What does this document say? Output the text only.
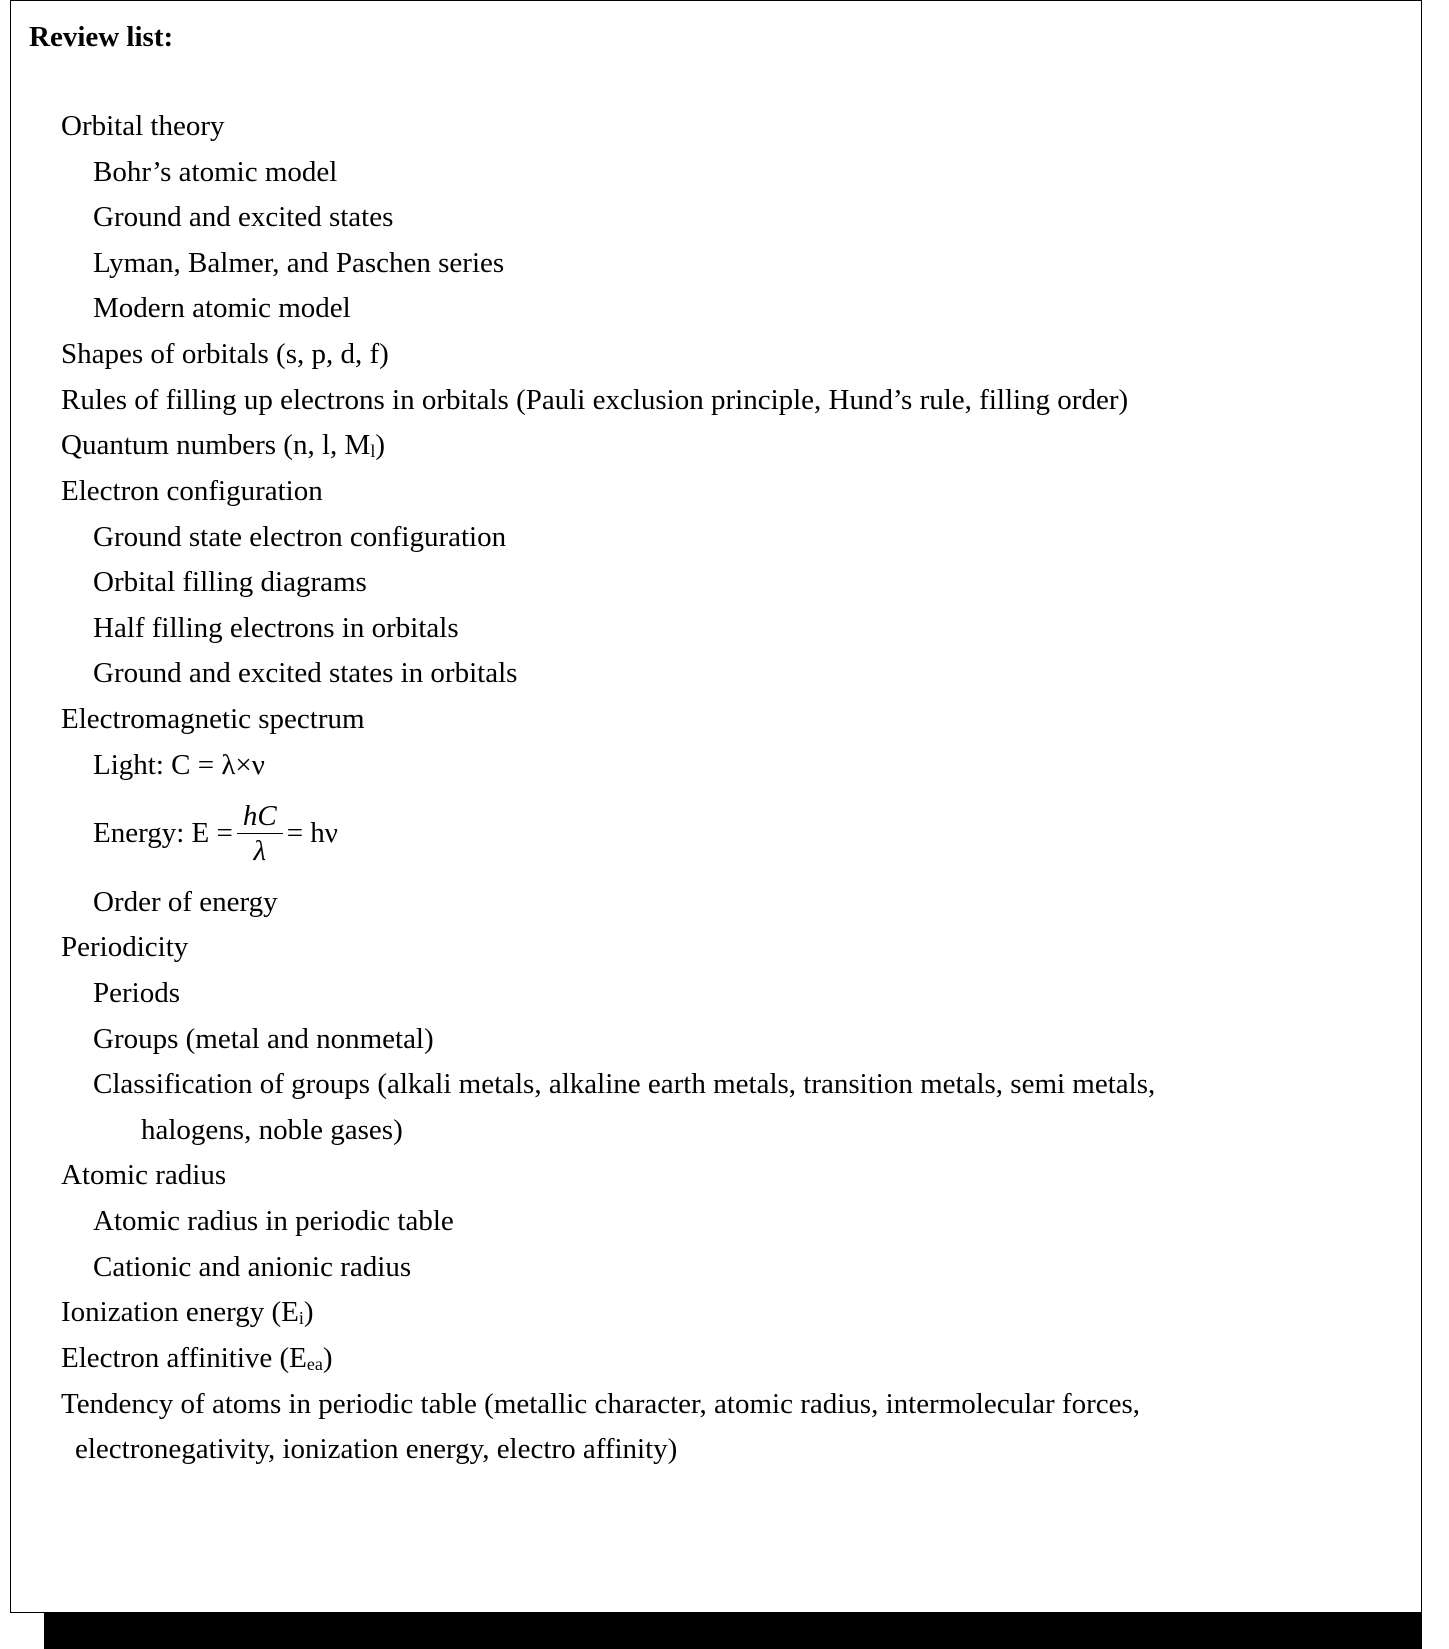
Review list:
Orbital theory
Bohr’s atomic model
Ground and excited states
Lyman, Balmer, and Paschen series
Modern atomic model
Shapes of orbitals (s, p, d, f)
Rules of filling up electrons in orbitals (Pauli exclusion principle, Hund’s rule, filling order)
Quantum numbers (n, l, $M_l$)
Electron configuration
Ground state electron configuration
Orbital filling diagrams
Half filling electrons in orbitals
Ground and excited states in orbitals
Electromagnetic spectrum
Light: C = λ×ν
Energy: $E = \frac{hC}{\lambda} = h\nu$
Order of energy
Periodicity
Periods
Groups (metal and nonmetal)
Classification of groups (alkali metals, alkaline earth metals, transition metals, semi metals,
halogens, noble gases)
Atomic radius
Atomic radius in periodic table
Cationic and anionic radius
Ionization energy $(E_i)$
Electron affinitive $(E_{ea})$
Tendency of atoms in periodic table (metallic character, atomic radius, intermolecular forces,
electronegativity, ionization energy, electro affinity)
